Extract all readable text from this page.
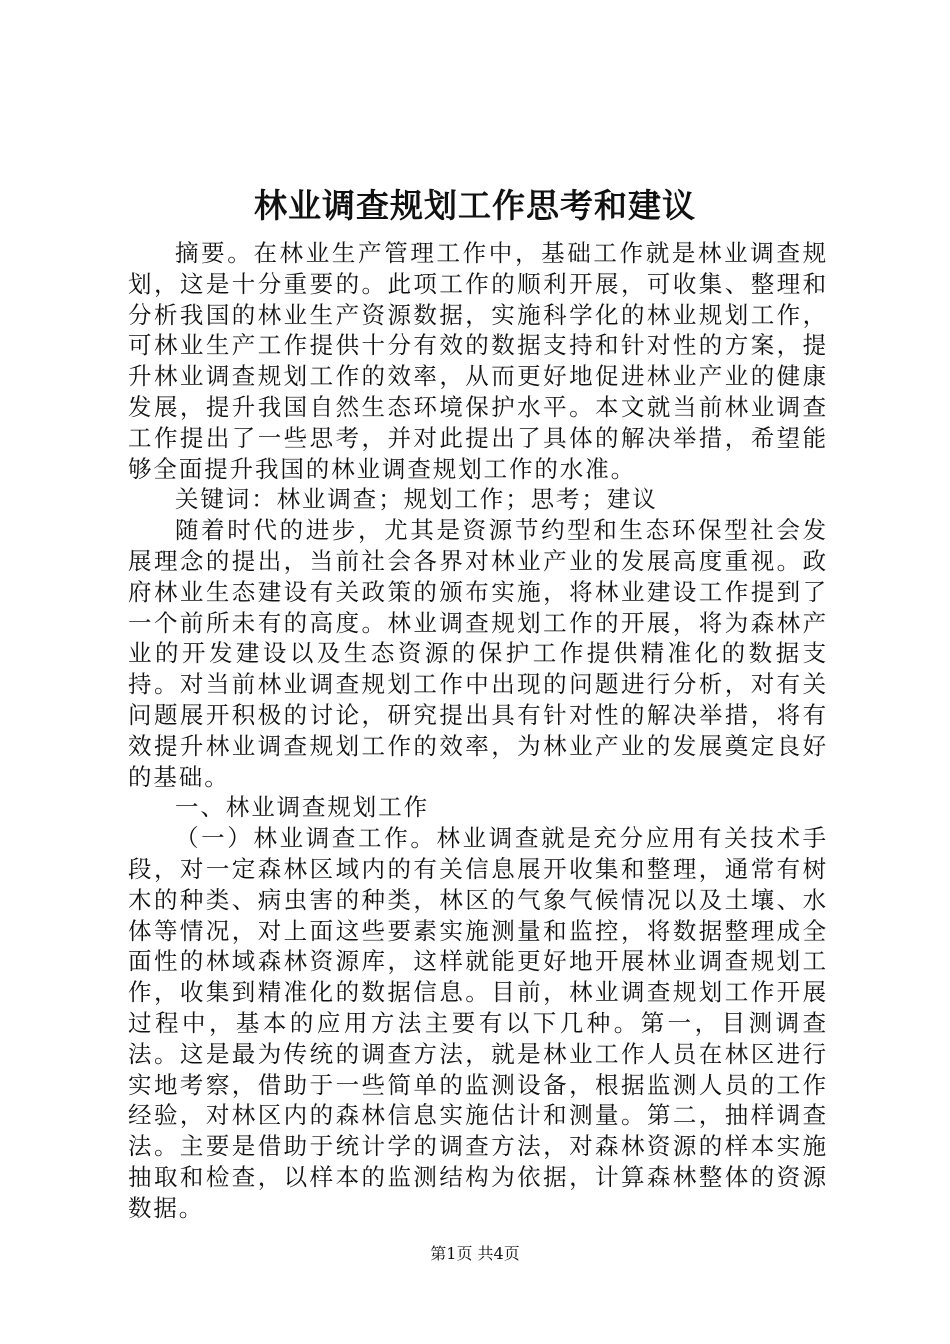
林业调查规划工作思考和建议

摘要。在林业生产管理工作中，基础工作就是林业调查规划，这是十分重要的。此项工作的顺利开展，可收集、整理和分析我国的林业生产资源数据，实施科学化的林业规划工作，可林业生产工作提供十分有效的数据支持和针对性的方案，提升林业调查规划工作的效率，从而更好地促进林业产业的健康发展，提升我国自然生态环境保护水平。本文就当前林业调查工作提出了一些思考，并对此提出了具体的解决举措，希望能够全面提升我国的林业调查规划工作的水准。

关键词：林业调查；规划工作；思考；建议

随着时代的进步，尤其是资源节约型和生态环保型社会发展理念的提出，当前社会各界对林业产业的发展高度重视。政府林业生态建设有关政策的颁布实施，将林业建设工作提到了一个前所未有的高度。林业调查规划工作的开展，将为森林产业的开发建设以及生态资源的保护工作提供精准化的数据支持。对当前林业调查规划工作中出现的问题进行分析，对有关问题展开积极的讨论，研究提出具有针对性的解决举措，将有效提升林业调查规划工作的效率，为林业产业的发展奠定良好的基础。

一、林业调查规划工作

（一）林业调查工作。林业调查就是充分应用有关技术手段，对一定森林区域内的有关信息展开收集和整理，通常有树木的种类、病虫害的种类，林区的气象气候情况以及土壤、水体等情况，对上面这些要素实施测量和监控，将数据整理成全面性的林域森林资源库，这样就能更好地开展林业调查规划工作，收集到精准化的数据信息。目前，林业调查规划工作开展过程中，基本的应用方法主要有以下几种。第一，目测调查法。这是最为传统的调查方法，就是林业工作人员在林区进行实地考察，借助于一些简单的监测设备，根据监测人员的工作经验，对林区内的森林信息实施估计和测量。第二，抽样调查法。主要是借助于统计学的调查方法，对森林资源的样本实施抽取和检查，以样本的监测结构为依据，计算森林整体的资源数据。

第1页 共4页
